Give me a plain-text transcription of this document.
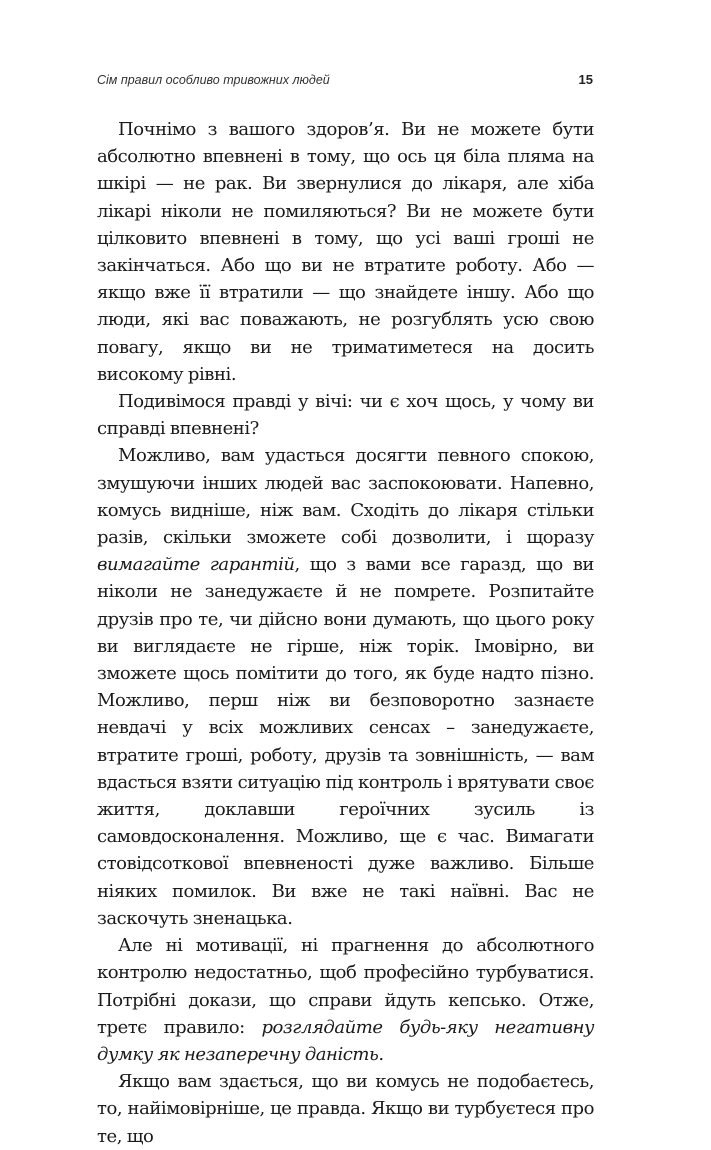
Сім правил особливо тривожних людей	15

Почнімо з вашого здоров’я. Ви не можете бути абсолютно впевнені в тому, що ось ця біла пляма на шкірі — не рак. Ви звернулися до лікаря, але хіба лікарі ніколи не помиляються? Ви не можете бути цілковито впевнені в тому, що усі ваші гроші не закінчаться. Або що ви не втратите роботу. Або — якщо вже її втратили — що знайдете іншу. Або що люди, які вас поважають, не розгублять усю свою повагу, якщо ви не триматиметеся на досить високому рівні.

Подивімося правді у вічі: чи є хоч щось, у чому ви справді впевнені?

Можливо, вам удасться досягти певного спокою, змушуючи інших людей вас заспокоювати. Напевно, комусь видніше, ніж вам. Сходіть до лікаря стільки разів, скільки зможете собі дозволити, і щоразу вимагайте гарантій, що з вами все гаразд, що ви ніколи не занедужаєте й не помрете. Розпитайте друзів про те, чи дійсно вони думають, що цього року ви виглядаєте не гірше, ніж торік. Імовірно, ви зможете щось помітити до того, як буде надто пізно. Можливо, перш ніж ви безповоротно зазнаєте невдачі у всіх можливих сенсах – занедужаєте, втратите гроші, роботу, друзів та зовнішність, — вам вдасться взяти ситуацію під контроль і врятувати своє життя, доклавши героїчних зусиль із самовдосконалення. Можливо, ще є час. Вимагати стовідсоткової впевненості дуже важливо. Більше ніяких помилок. Ви вже не такі наївні. Вас не заскочуть зненацька.

Але ні мотивації, ні прагнення до абсолютного контролю недостатньо, щоб професійно турбуватися. Потрібні докази, що справи йдуть кепсько. Отже, третє правило: розглядайте будь-яку негативну думку як незаперечну даність.

Якщо вам здається, що ви комусь не подобаєтесь, то, найімовірніше, це правда. Якщо ви турбуєтеся про те, що
